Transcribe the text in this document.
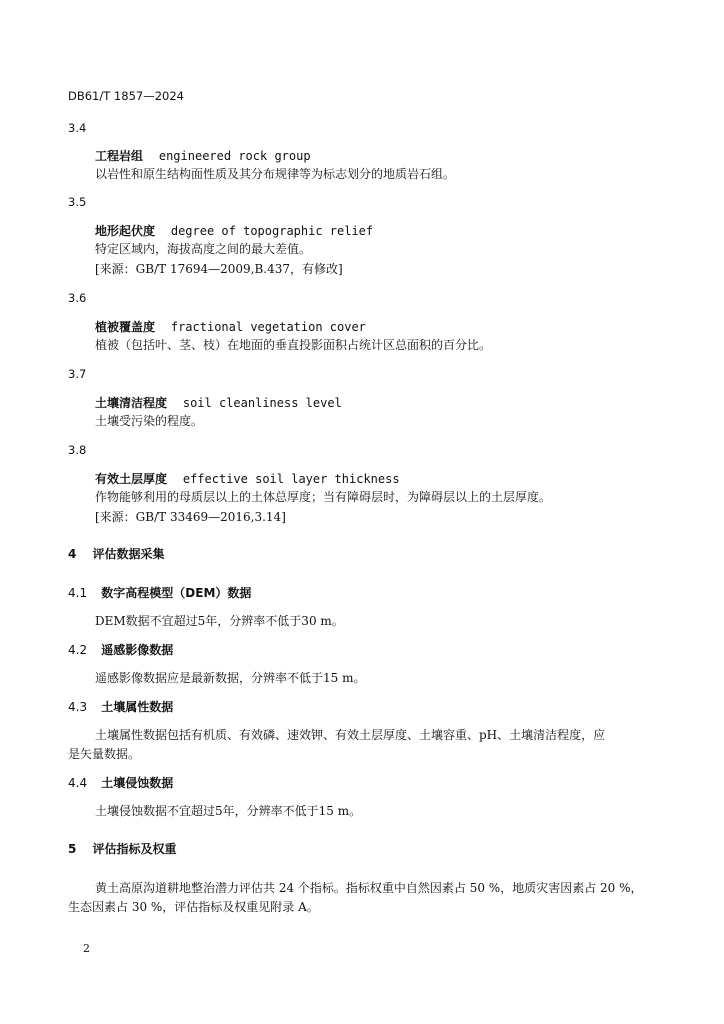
DB61/T 1857—2024
3.4
工程岩组 engineered rock group
以岩性和原生结构面性质及其分布规律等为标志划分的地质岩石组。
3.5
地形起伏度 degree of topographic relief
特定区域内，海拔高度之间的最大差值。
[来源：GB/T 17694—2009,B.437，有修改]
3.6
植被覆盖度 fractional vegetation cover
植被（包括叶、茎、枝）在地面的垂直投影面积占统计区总面积的百分比。
3.7
土壤清洁程度 soil cleanliness level
土壤受污染的程度。
3.8
有效土层厚度 effective soil layer thickness
作物能够利用的母质层以上的土体总厚度；当有障碍层时，为障碍层以上的土层厚度。
[来源：GB/T 33469—2016,3.14]
4 评估数据采集
4.1 数字高程模型（DEM）数据
DEM数据不宜超过5年，分辨率不低于30 m。
4.2 遥感影像数据
遥感影像数据应是最新数据，分辨率不低于15 m。
4.3 土壤属性数据
土壤属性数据包括有机质、有效磷、速效钾、有效土层厚度、土壤容重、pH、土壤清洁程度，应
是矢量数据。
4.4 土壤侵蚀数据
土壤侵蚀数据不宜超过5年，分辨率不低于15 m。
5 评估指标及权重
黄土高原沟道耕地整治潜力评估共 24 个指标。指标权重中自然因素占 50 %，地质灾害因素占 20 %，
生态因素占 30 %，评估指标及权重见附录 A。
2
